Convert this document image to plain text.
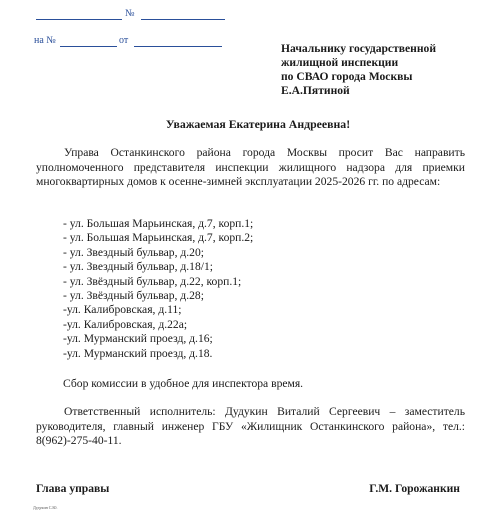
№
на №	от
Начальнику государственной
жилищной инспекции
по СВАО города Москвы
Е.А.Пятиной
Уважаемая Екатерина Андреевна!
Управа Останкинского района города Москвы просит Вас направить уполномоченного представителя инспекции жилищного надзора для приемки многоквартирных домов к осенне-зимней эксплуатации 2025-2026 гг. по адресам:
- ул. Большая Марьинская, д.7, корп.1;
- ул. Большая Марьинская, д.7, корп.2;
- ул. Звездный бульвар, д.20;
- ул. Звездный бульвар, д.18/1;
- ул. Звёздный бульвар, д.22, корп.1;
- ул. Звёздный бульвар, д.28;
-ул. Калибровская, д.11;
-ул. Калибровская, д.22а;
-ул. Мурманский проезд, д.16;
-ул. Мурманский проезд, д.18.
Сбор комиссии в удобное для инспектора время.
Ответственный исполнитель: Дудукин Виталий Сергеевич – заместитель руководителя, главный инженер ГБУ «Жилищник Останкинского района», тел.: 8(962)-275-40-11.
Глава управы	Г.М. Горожанкин
Дудукин С.Ю.
